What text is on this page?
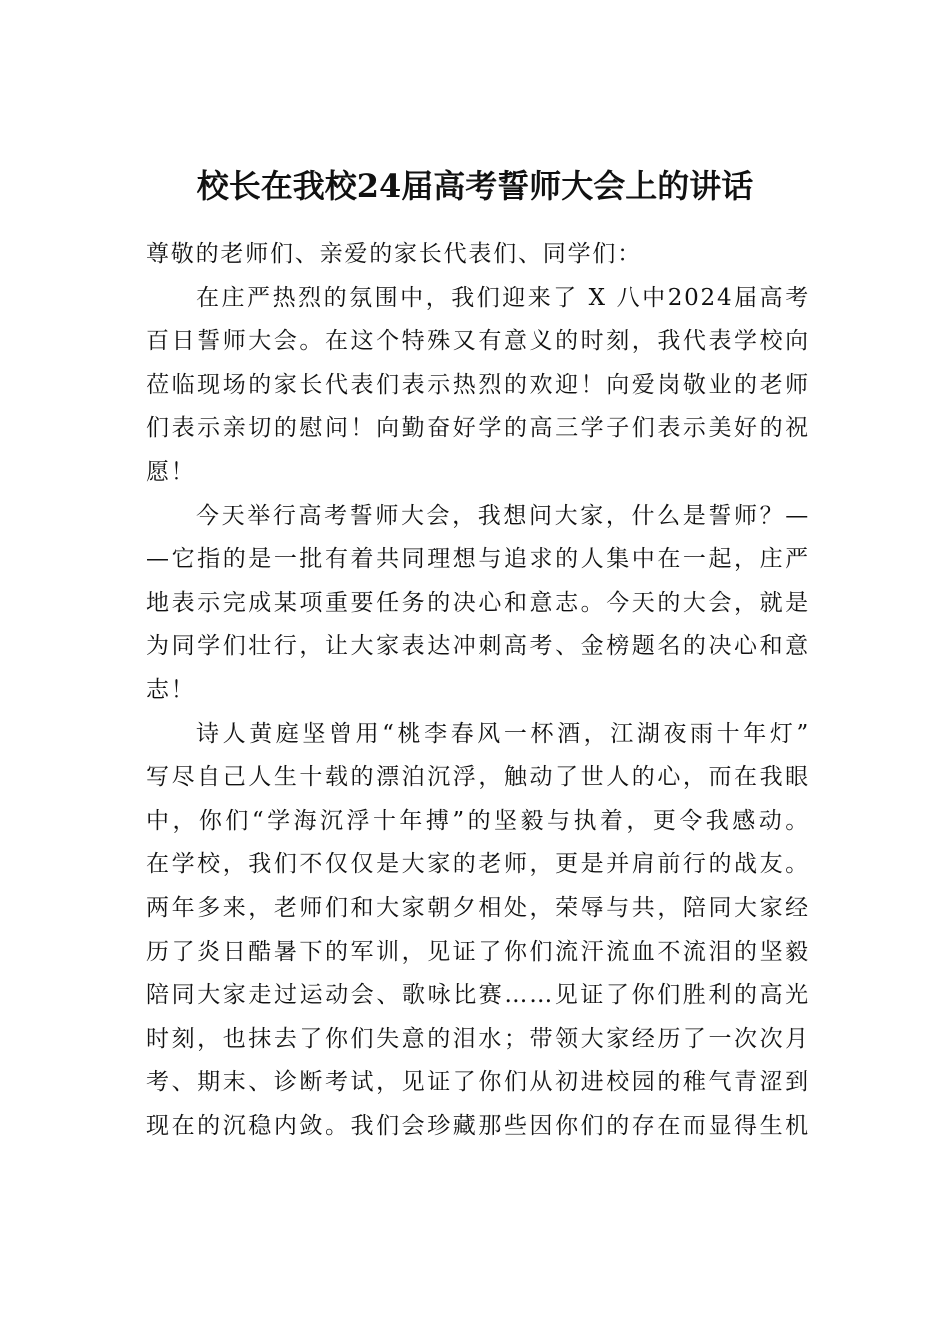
校长在我校24届高考誓师大会上的讲话
尊敬的老师们、亲爱的家长代表们、同学们：
在庄严热烈的氛围中，我们迎来了 X 八中2024届高考
百日誓师大会。在这个特殊又有意义的时刻，我代表学校向
莅临现场的家长代表们表示热烈的欢迎！向爱岗敬业的老师
们表示亲切的慰问！向勤奋好学的高三学子们表示美好的祝
愿！
今天举行高考誓师大会，我想问大家，什么是誓师？—
—它指的是一批有着共同理想与追求的人集中在一起，庄严
地表示完成某项重要任务的决心和意志。今天的大会，就是
为同学们壮行，让大家表达冲刺高考、金榜题名的决心和意
志！
诗人黄庭坚曾用“桃李春风一杯酒，江湖夜雨十年灯”
写尽自己人生十载的漂泊沉浮，触动了世人的心，而在我眼
中，你们“学海沉浮十年搏”的坚毅与执着，更令我感动。
在学校，我们不仅仅是大家的老师，更是并肩前行的战友。
两年多来，老师们和大家朝夕相处，荣辱与共，陪同大家经
历了炎日酷暑下的军训，见证了你们流汗流血不流泪的坚毅
陪同大家走过运动会、歌咏比赛……见证了你们胜利的高光
时刻，也抹去了你们失意的泪水；带领大家经历了一次次月
考、期末、诊断考试，见证了你们从初进校园的稚气青涩到
现在的沉稳内敛。我们会珍藏那些因你们的存在而显得生机
